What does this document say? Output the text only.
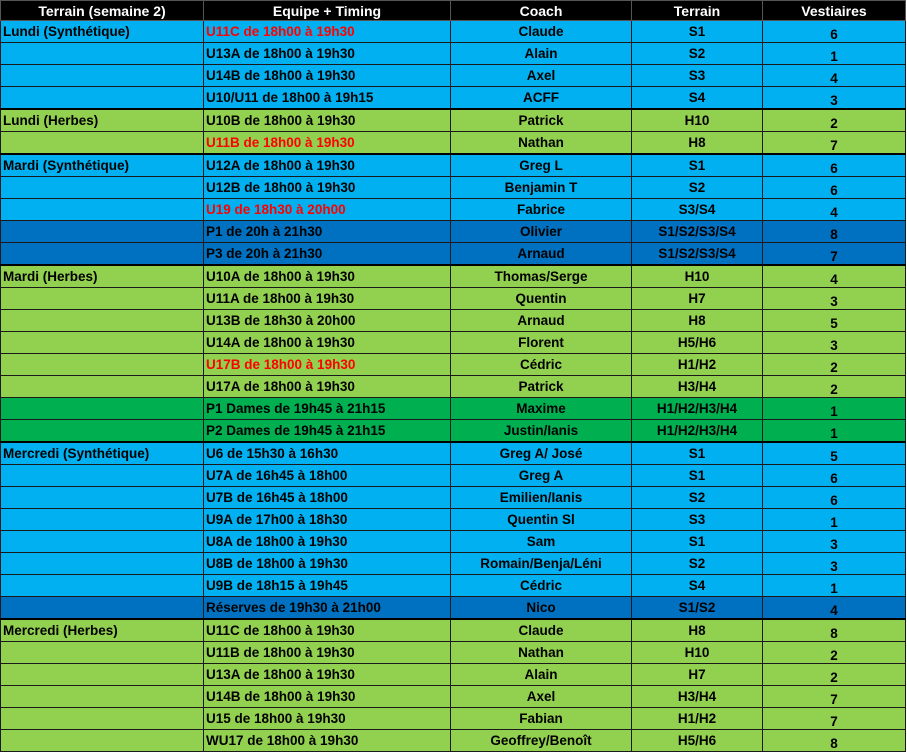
Terrain (semaine 2)	Equipe + Timing	Coach	Terrain	Vestiaires
Lundi (Synthétique)	U11C de 18h00 à 19h30	Claude	S1	6
	U13A de 18h00 à 19h30	Alain	S2	1
	U14B de 18h00 à 19h30	Axel	S3	4
	U10/U11 de 18h00 à 19h15	ACFF	S4	3
Lundi (Herbes)	U10B de 18h00 à 19h30	Patrick	H10	2
	U11B de 18h00 à 19h30	Nathan	H8	7
Mardi (Synthétique)	U12A de 18h00 à 19h30	Greg L	S1	6
	U12B de 18h00 à 19h30	Benjamin T	S2	6
	U19 de 18h30 à 20h00	Fabrice	S3/S4	4
	P1 de 20h à 21h30	Olivier	S1/S2/S3/S4	8
	P3 de 20h à 21h30	Arnaud	S1/S2/S3/S4	7
Mardi (Herbes)	U10A de 18h00 à 19h30	Thomas/Serge	H10	4
	U11A de 18h00 à 19h30	Quentin	H7	3
	U13B de 18h30 à 20h00	Arnaud	H8	5
	U14A de 18h00 à 19h30	Florent	H5/H6	3
	U17B de 18h00 à 19h30	Cédric	H1/H2	2
	U17A de 18h00 à 19h30	Patrick	H3/H4	2
	P1 Dames de 19h45 à 21h15	Maxime	H1/H2/H3/H4	1
	P2 Dames de 19h45 à 21h15	Justin/Ianis	H1/H2/H3/H4	1
Mercredi (Synthétique)	U6 de 15h30 à 16h30	Greg A/ José	S1	5
	U7A de 16h45 à 18h00	Greg A	S1	6
	U7B de 16h45 à 18h00	Emilien/Ianis	S2	6
	U9A de 17h00 à 18h30	Quentin Sl	S3	1
	U8A de 18h00 à 19h30	Sam	S1	3
	U8B de 18h00 à 19h30	Romain/Benja/Léni	S2	3
	U9B de 18h15 à 19h45	Cédric	S4	1
	Réserves de 19h30 à 21h00	Nico	S1/S2	4
Mercredi (Herbes)	U11C de 18h00 à 19h30	Claude	H8	8
	U11B de 18h00 à 19h30	Nathan	H10	2
	U13A de 18h00 à 19h30	Alain	H7	2
	U14B de 18h00 à 19h30	Axel	H3/H4	7
	U15 de 18h00 à 19h30	Fabian	H1/H2	7
	WU17 de 18h00 à 19h30	Geoffrey/Benoît	H5/H6	8
